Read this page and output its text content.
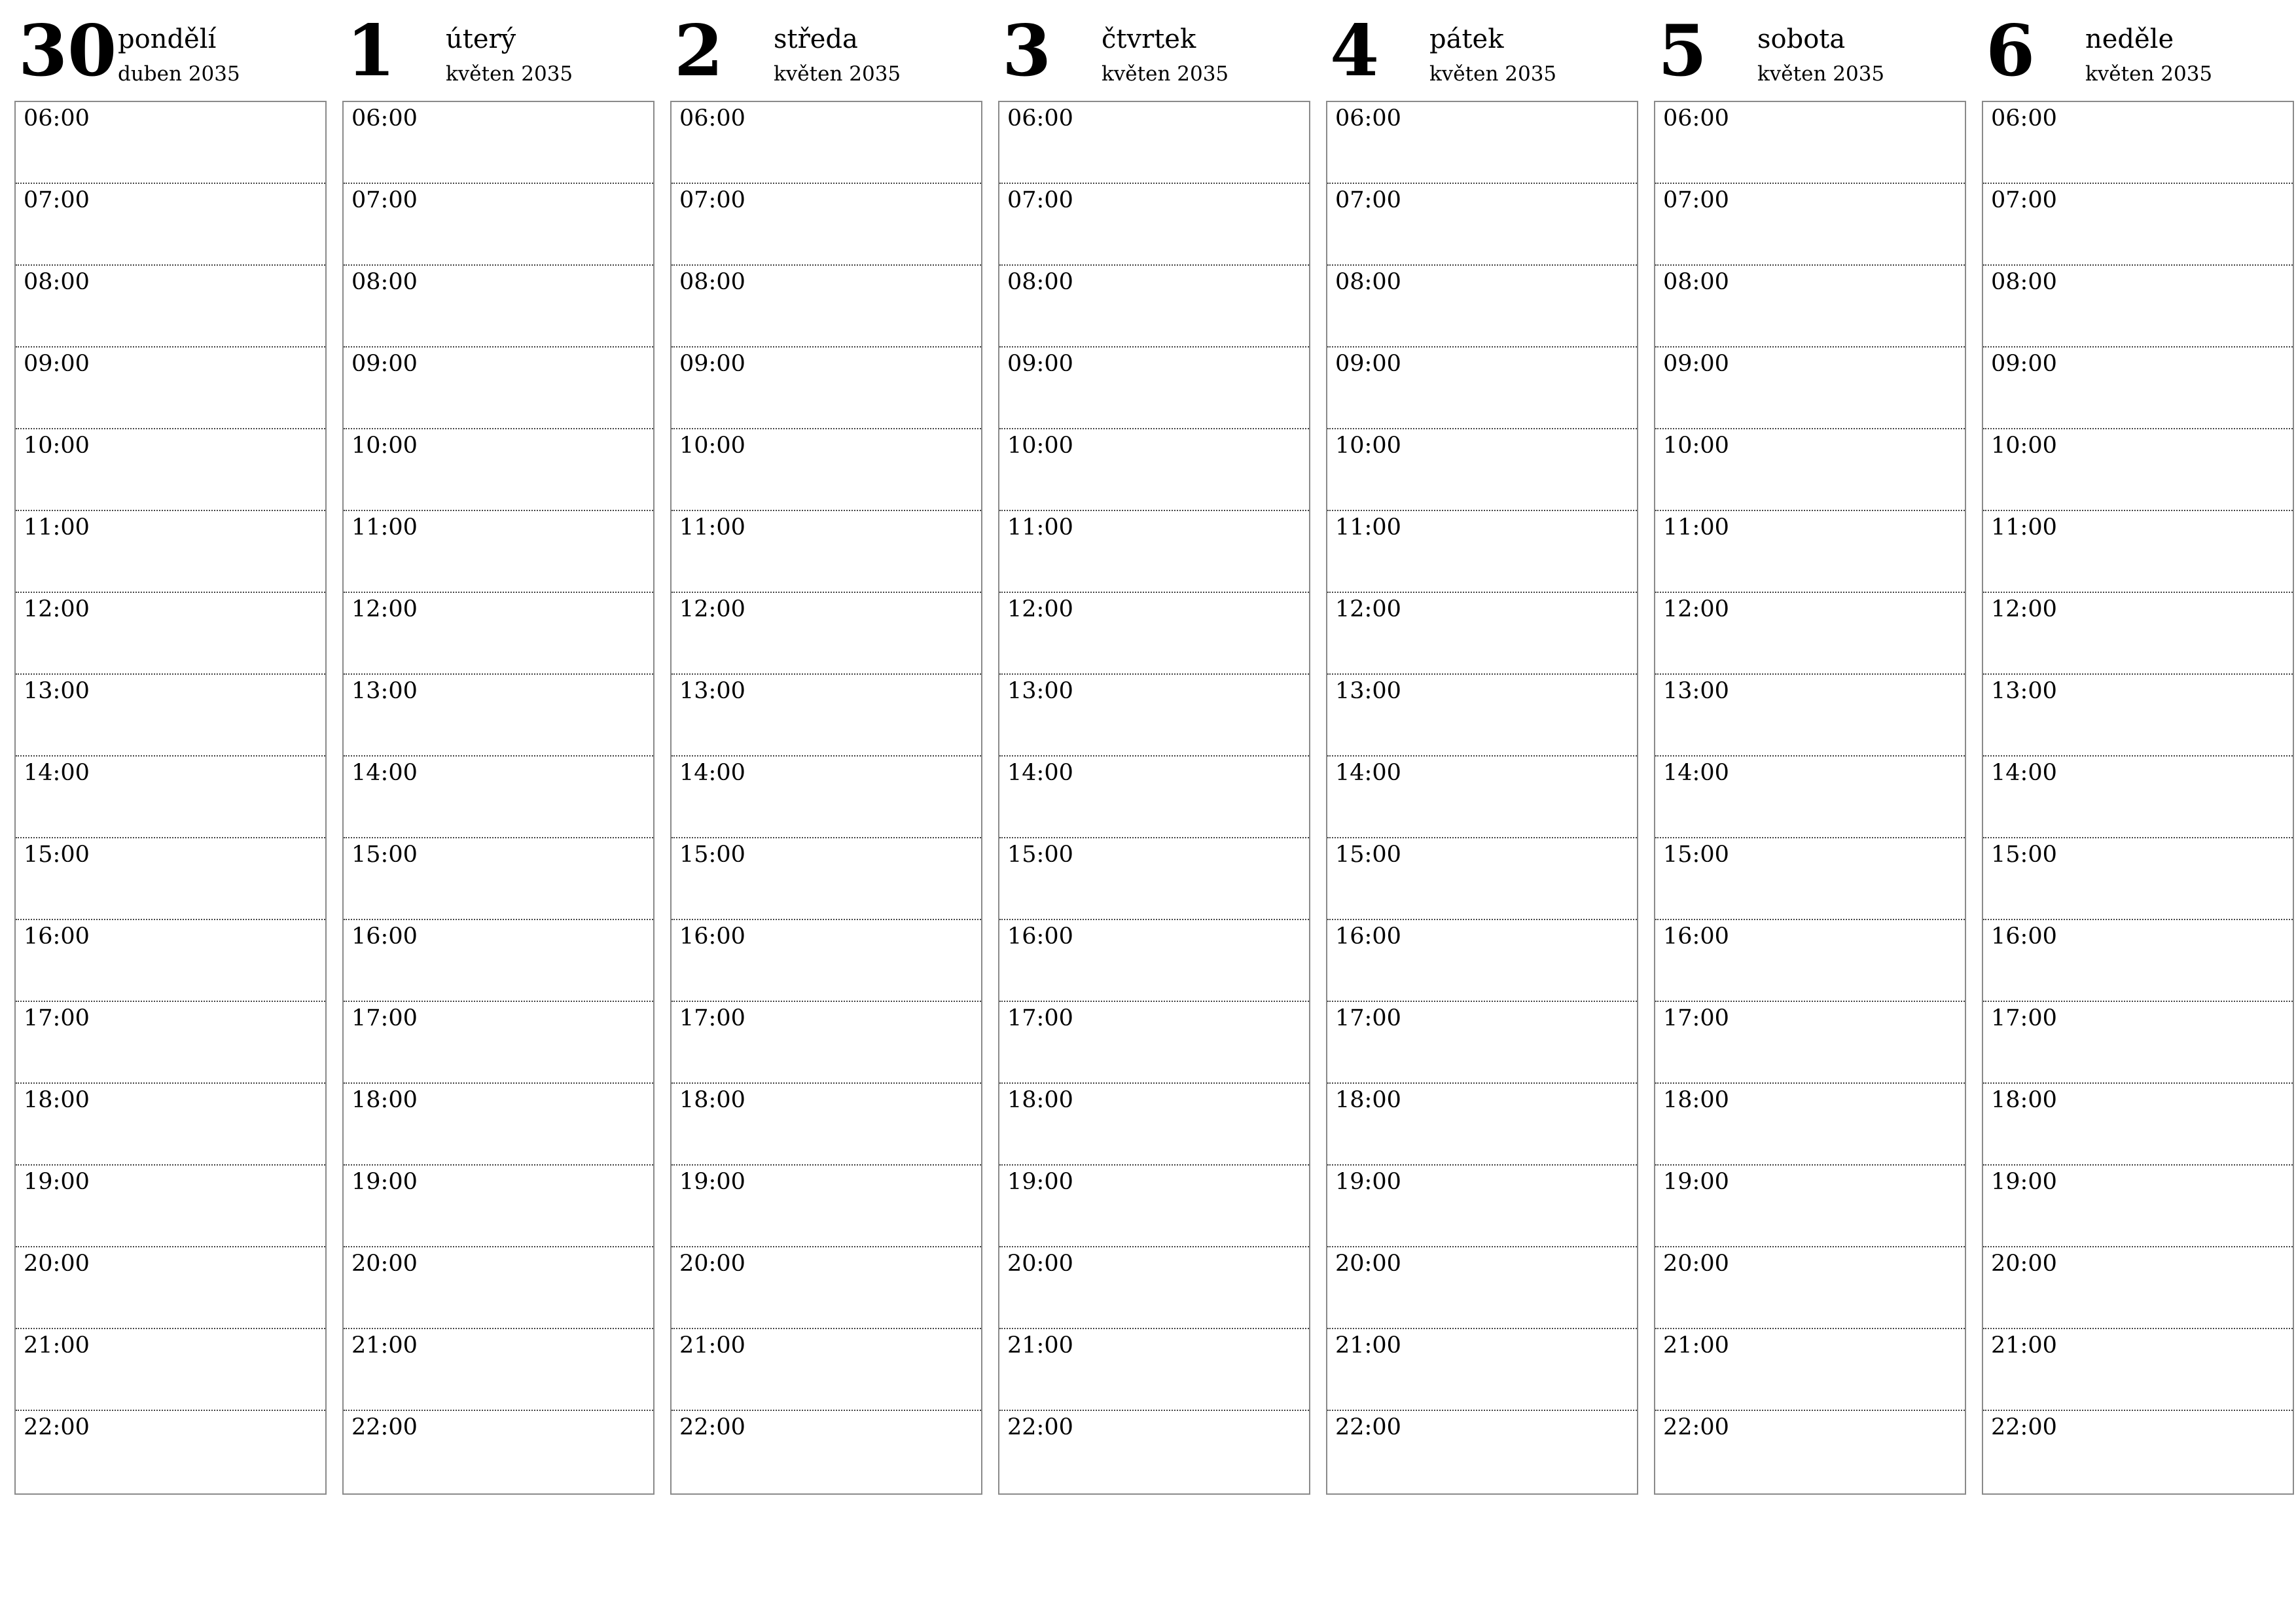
30 pondělí
duben 2035
06:00
07:00
08:00
09:00
10:00
11:00
12:00
13:00
14:00
15:00
16:00
17:00
18:00
19:00
20:00
21:00
22:00
1 úterý
květen 2035
06:00
07:00
08:00
09:00
10:00
11:00
12:00
13:00
14:00
15:00
16:00
17:00
18:00
19:00
20:00
21:00
22:00
2 středa
květen 2035
06:00
07:00
08:00
09:00
10:00
11:00
12:00
13:00
14:00
15:00
16:00
17:00
18:00
19:00
20:00
21:00
22:00
3 čtvrtek
květen 2035
06:00
07:00
08:00
09:00
10:00
11:00
12:00
13:00
14:00
15:00
16:00
17:00
18:00
19:00
20:00
21:00
22:00
4 pátek
květen 2035
06:00
07:00
08:00
09:00
10:00
11:00
12:00
13:00
14:00
15:00
16:00
17:00
18:00
19:00
20:00
21:00
22:00
5 sobota
květen 2035
06:00
07:00
08:00
09:00
10:00
11:00
12:00
13:00
14:00
15:00
16:00
17:00
18:00
19:00
20:00
21:00
22:00
6 neděle
květen 2035
06:00
07:00
08:00
09:00
10:00
11:00
12:00
13:00
14:00
15:00
16:00
17:00
18:00
19:00
20:00
21:00
22:00
